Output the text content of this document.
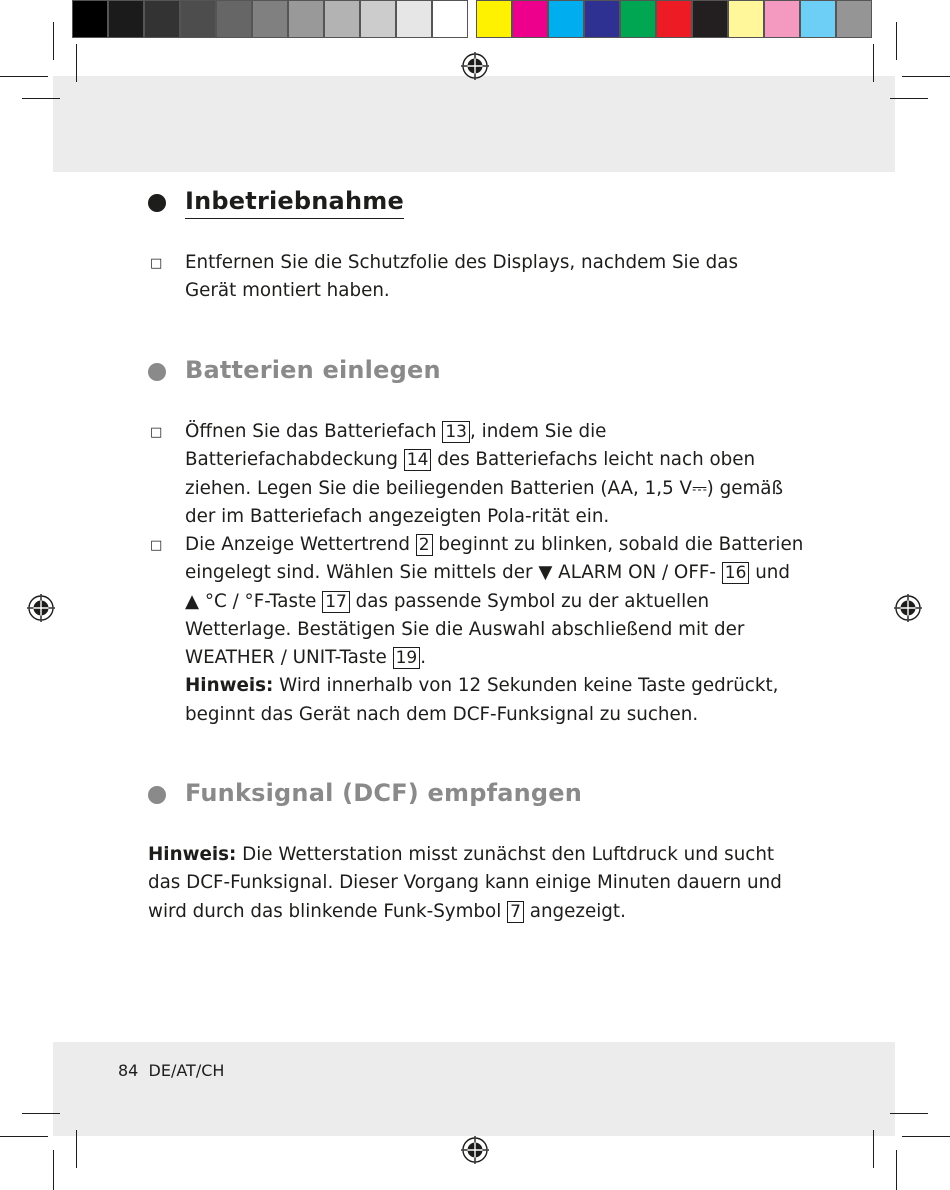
Inbetriebnahme
□ Entfernen Sie die Schutzfolie des Displays, nachdem Sie das Gerät montiert haben.

Batterien einlegen
□ Öffnen Sie das Batteriefach 13 , indem Sie die Batteriefachabdeckung 14 des Batteriefachs leicht nach oben ziehen. Legen Sie die beiliegenden Batterien (AA, 1,5 V⎓) gemäß der im Batteriefach angezeigten Pola-rität ein.

□ Die Anzeige Wettertrend 2 beginnt zu blinken, sobald die Batterien eingelegt sind. Wählen Sie mittels der ▼ ALARM ON / OFF- 16 und ▲ °C / °F-Taste 17 das passende Symbol zu der aktuellen Wetterlage. Bestätigen Sie die Auswahl abschließend mit der WEATHER / UNIT-Taste 19 .
Hinweis: Wird innerhalb von 12 Sekunden keine Taste gedrückt, beginnt das Gerät nach dem DCF-Funksignal zu suchen.

Funksignal (DCF) empfangen

Hinweis: Die Wetterstation misst zunächst den Luftdruck und sucht das DCF-Funksignal. Dieser Vorgang kann einige Minuten dauern und wird durch das blinkende Funk-Symbol 7 angezeigt.

84 DE/AT/CH
